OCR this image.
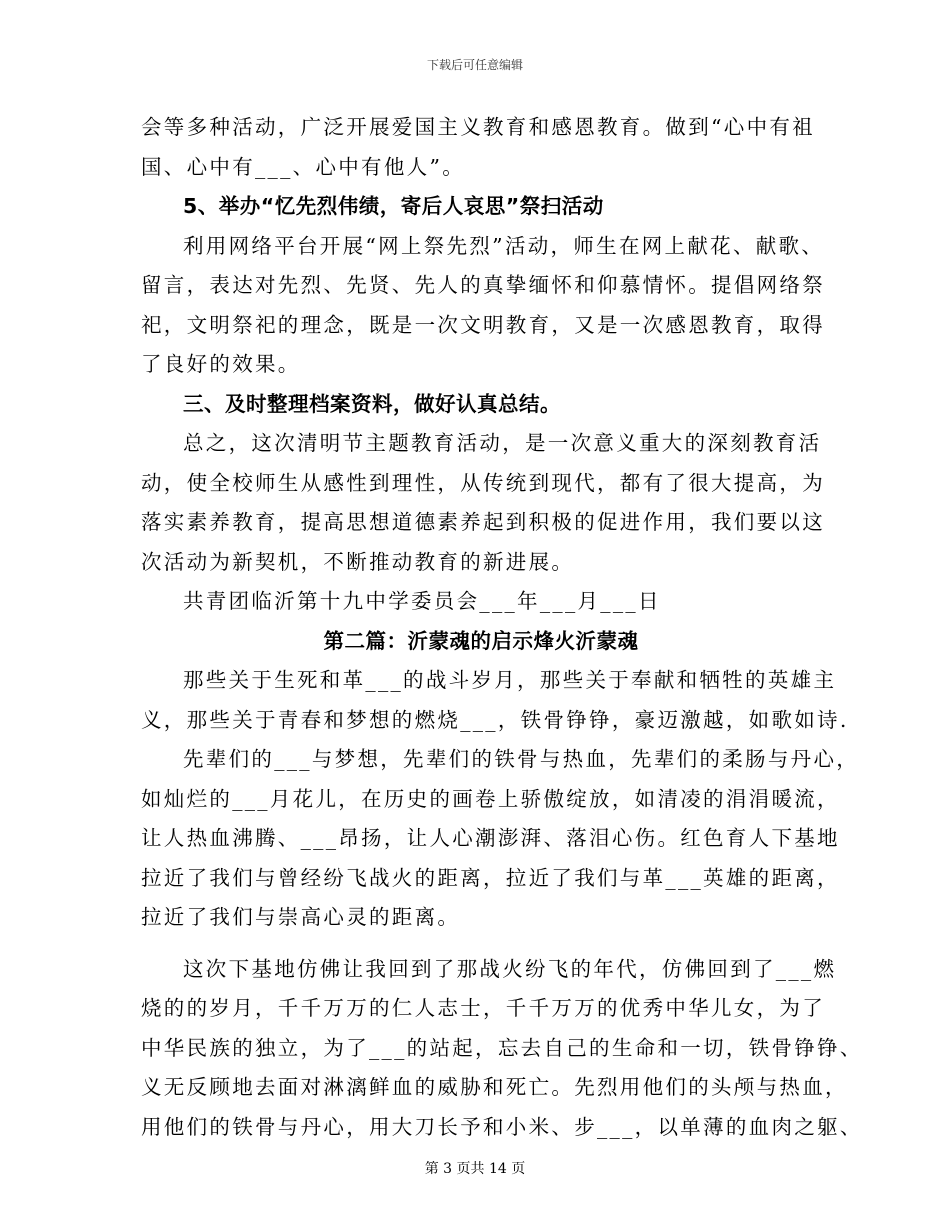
下载后可任意编辑
会等多种活动，广泛开展爱国主义教育和感恩教育。做到“心中有祖
国、心中有___、心中有他人”。
5、举办“忆先烈伟绩，寄后人哀思”祭扫活动
利用网络平台开展“网上祭先烈”活动，师生在网上献花、献歌、
留言，表达对先烈、先贤、先人的真挚缅怀和仰慕情怀。提倡网络祭
祀，文明祭祀的理念，既是一次文明教育，又是一次感恩教育，取得
了良好的效果。
三、及时整理档案资料，做好认真总结。
总之，这次清明节主题教育活动，是一次意义重大的深刻教育活
动，使全校师生从感性到理性，从传统到现代，都有了很大提高，为
落实素养教育，提高思想道德素养起到积极的促进作用，我们要以这
次活动为新契机，不断推动教育的新进展。
共青团临沂第十九中学委员会___年___月___日
第二篇：沂蒙魂的启示烽火沂蒙魂
那些关于生死和革___的战斗岁月，那些关于奉献和牺牲的英雄主
义，那些关于青春和梦想的燃烧___，铁骨铮铮，豪迈激越，如歌如诗.
先辈们的___与梦想，先辈们的铁骨与热血，先辈们的柔肠与丹心，
如灿烂的___月花儿，在历史的画卷上骄傲绽放，如清凌的涓涓暖流，
让人热血沸腾、___昂扬，让人心潮澎湃、落泪心伤。红色育人下基地
拉近了我们与曾经纷飞战火的距离，拉近了我们与革___英雄的距离，
拉近了我们与崇高心灵的距离。
这次下基地仿佛让我回到了那战火纷飞的年代，仿佛回到了___燃
烧的的岁月，千千万万的仁人志士，千千万万的优秀中华儿女，为了
中华民族的独立，为了___的站起，忘去自己的生命和一切，铁骨铮铮、
义无反顾地去面对淋漓鲜血的威胁和死亡。先烈用他们的头颅与热血，
用他们的铁骨与丹心，用大刀长予和小米、步___，以单薄的血肉之躯、
第 3 页共 14 页
